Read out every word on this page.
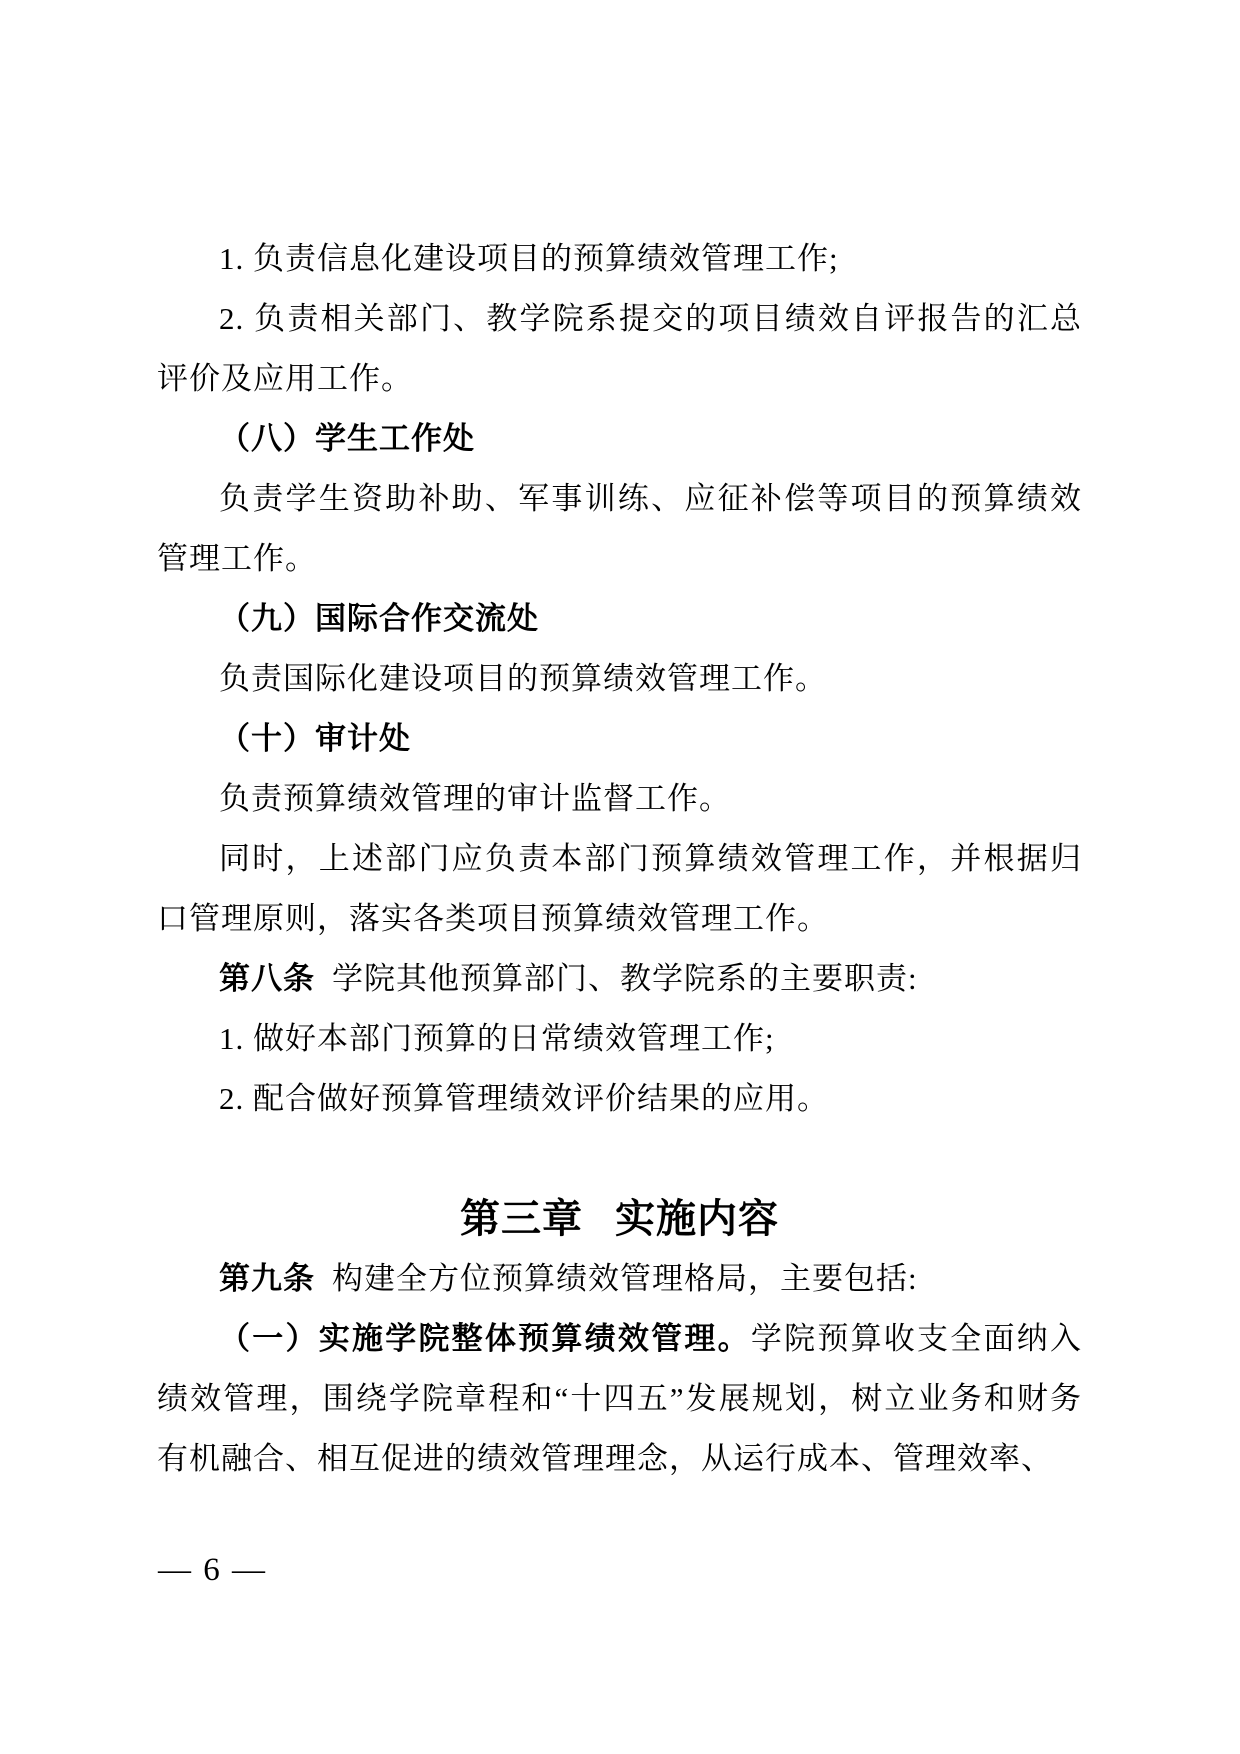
1. 负责信息化建设项目的预算绩效管理工作;

2. 负责相关部门、教学院系提交的项目绩效自评报告的汇总评价及应用工作。

（八）学生工作处

负责学生资助补助、军事训练、应征补偿等项目的预算绩效管理工作。

（九）国际合作交流处

负责国际化建设项目的预算绩效管理工作。

（十）审计处

负责预算绩效管理的审计监督工作。

同时，上述部门应负责本部门预算绩效管理工作，并根据归口管理原则，落实各类项目预算绩效管理工作。

第八条 学院其他预算部门、教学院系的主要职责:

1. 做好本部门预算的日常绩效管理工作;

2. 配合做好预算管理绩效评价结果的应用。

第三章 实施内容

第九条 构建全方位预算绩效管理格局，主要包括:

（一）实施学院整体预算绩效管理。学院预算收支全面纳入绩效管理，围绕学院章程和“十四五”发展规划，树立业务和财务有机融合、相互促进的绩效管理理念，从运行成本、管理效率、

— 6 —
